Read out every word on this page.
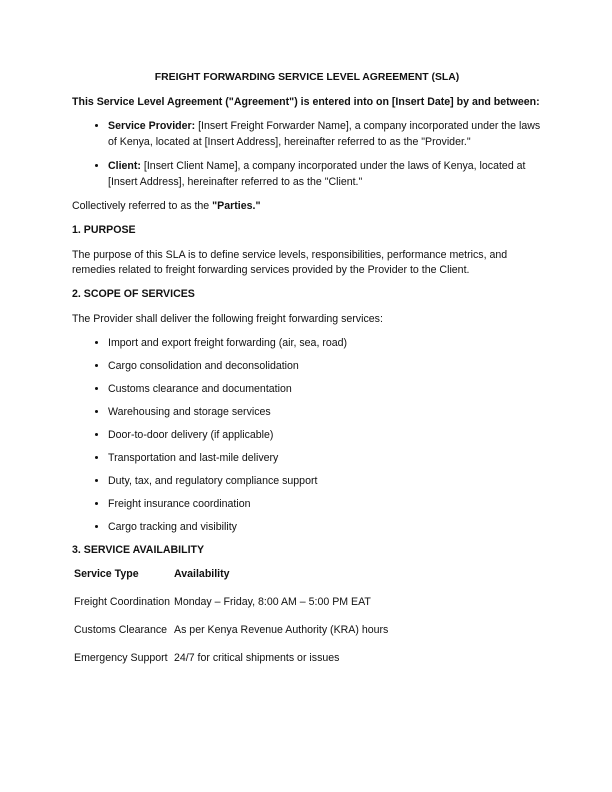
FREIGHT FORWARDING SERVICE LEVEL AGREEMENT (SLA)
This Service Level Agreement ("Agreement") is entered into on [Insert Date] by and between:
• Service Provider: [Insert Freight Forwarder Name], a company incorporated under the laws of Kenya, located at [Insert Address], hereinafter referred to as the "Provider."
• Client: [Insert Client Name], a company incorporated under the laws of Kenya, located at [Insert Address], hereinafter referred to as the "Client."

Collectively referred to as the "Parties."

1. PURPOSE

The purpose of this SLA is to define service levels, responsibilities, performance metrics, and remedies related to freight forwarding services provided by the Provider to the Client.

2. SCOPE OF SERVICES

The Provider shall deliver the following freight forwarding services:

• Import and export freight forwarding (air, sea, road)
• Cargo consolidation and deconsolidation
• Customs clearance and documentation
• Warehousing and storage services
• Door-to-door delivery (if applicable)
• Transportation and last-mile delivery
• Duty, tax, and regulatory compliance support
• Freight insurance coordination
• Cargo tracking and visibility
3. SERVICE AVAILABILITY
Service Type	Availability
Freight Coordination	Monday – Friday, 8:00 AM – 5:00 PM EAT
Customs Clearance	As per Kenya Revenue Authority (KRA) hours
Emergency Support	24/7 for critical shipments or issues
